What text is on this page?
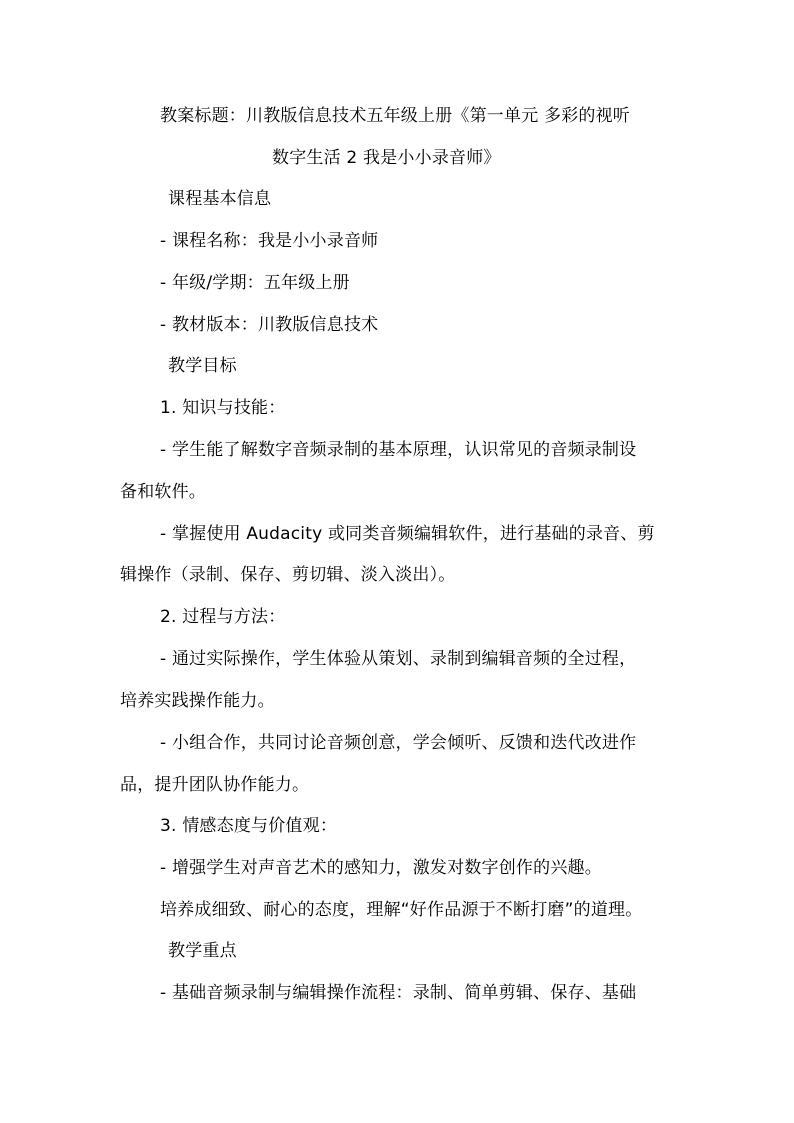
教案标题：川教版信息技术五年级上册《第一单元 多彩的视听
数字生活 2 我是小小录音师》
课程基本信息
- 课程名称：我是小小录音师
- 年级/学期：五年级上册
- 教材版本：川教版信息技术
教学目标
1. 知识与技能：
- 学生能了解数字音频录制的基本原理，认识常见的音频录制设
备和软件。
- 掌握使用 Audacity 或同类音频编辑软件，进行基础的录音、剪
辑操作（录制、保存、剪切辑、淡入淡出）。
2. 过程与方法：
- 通过实际操作，学生体验从策划、录制到编辑音频的全过程，
培养实践操作能力。
- 小组合作，共同讨论音频创意，学会倾听、反馈和迭代改进作
品，提升团队协作能力。
3. 情感态度与价值观：
- 增强学生对声音艺术的感知力，激发对数字创作的兴趣。
培养成细致、耐心的态度，理解“好作品源于不断打磨”的道理。
教学重点
- 基础音频录制与编辑操作流程：录制、简单剪辑、保存、基础
